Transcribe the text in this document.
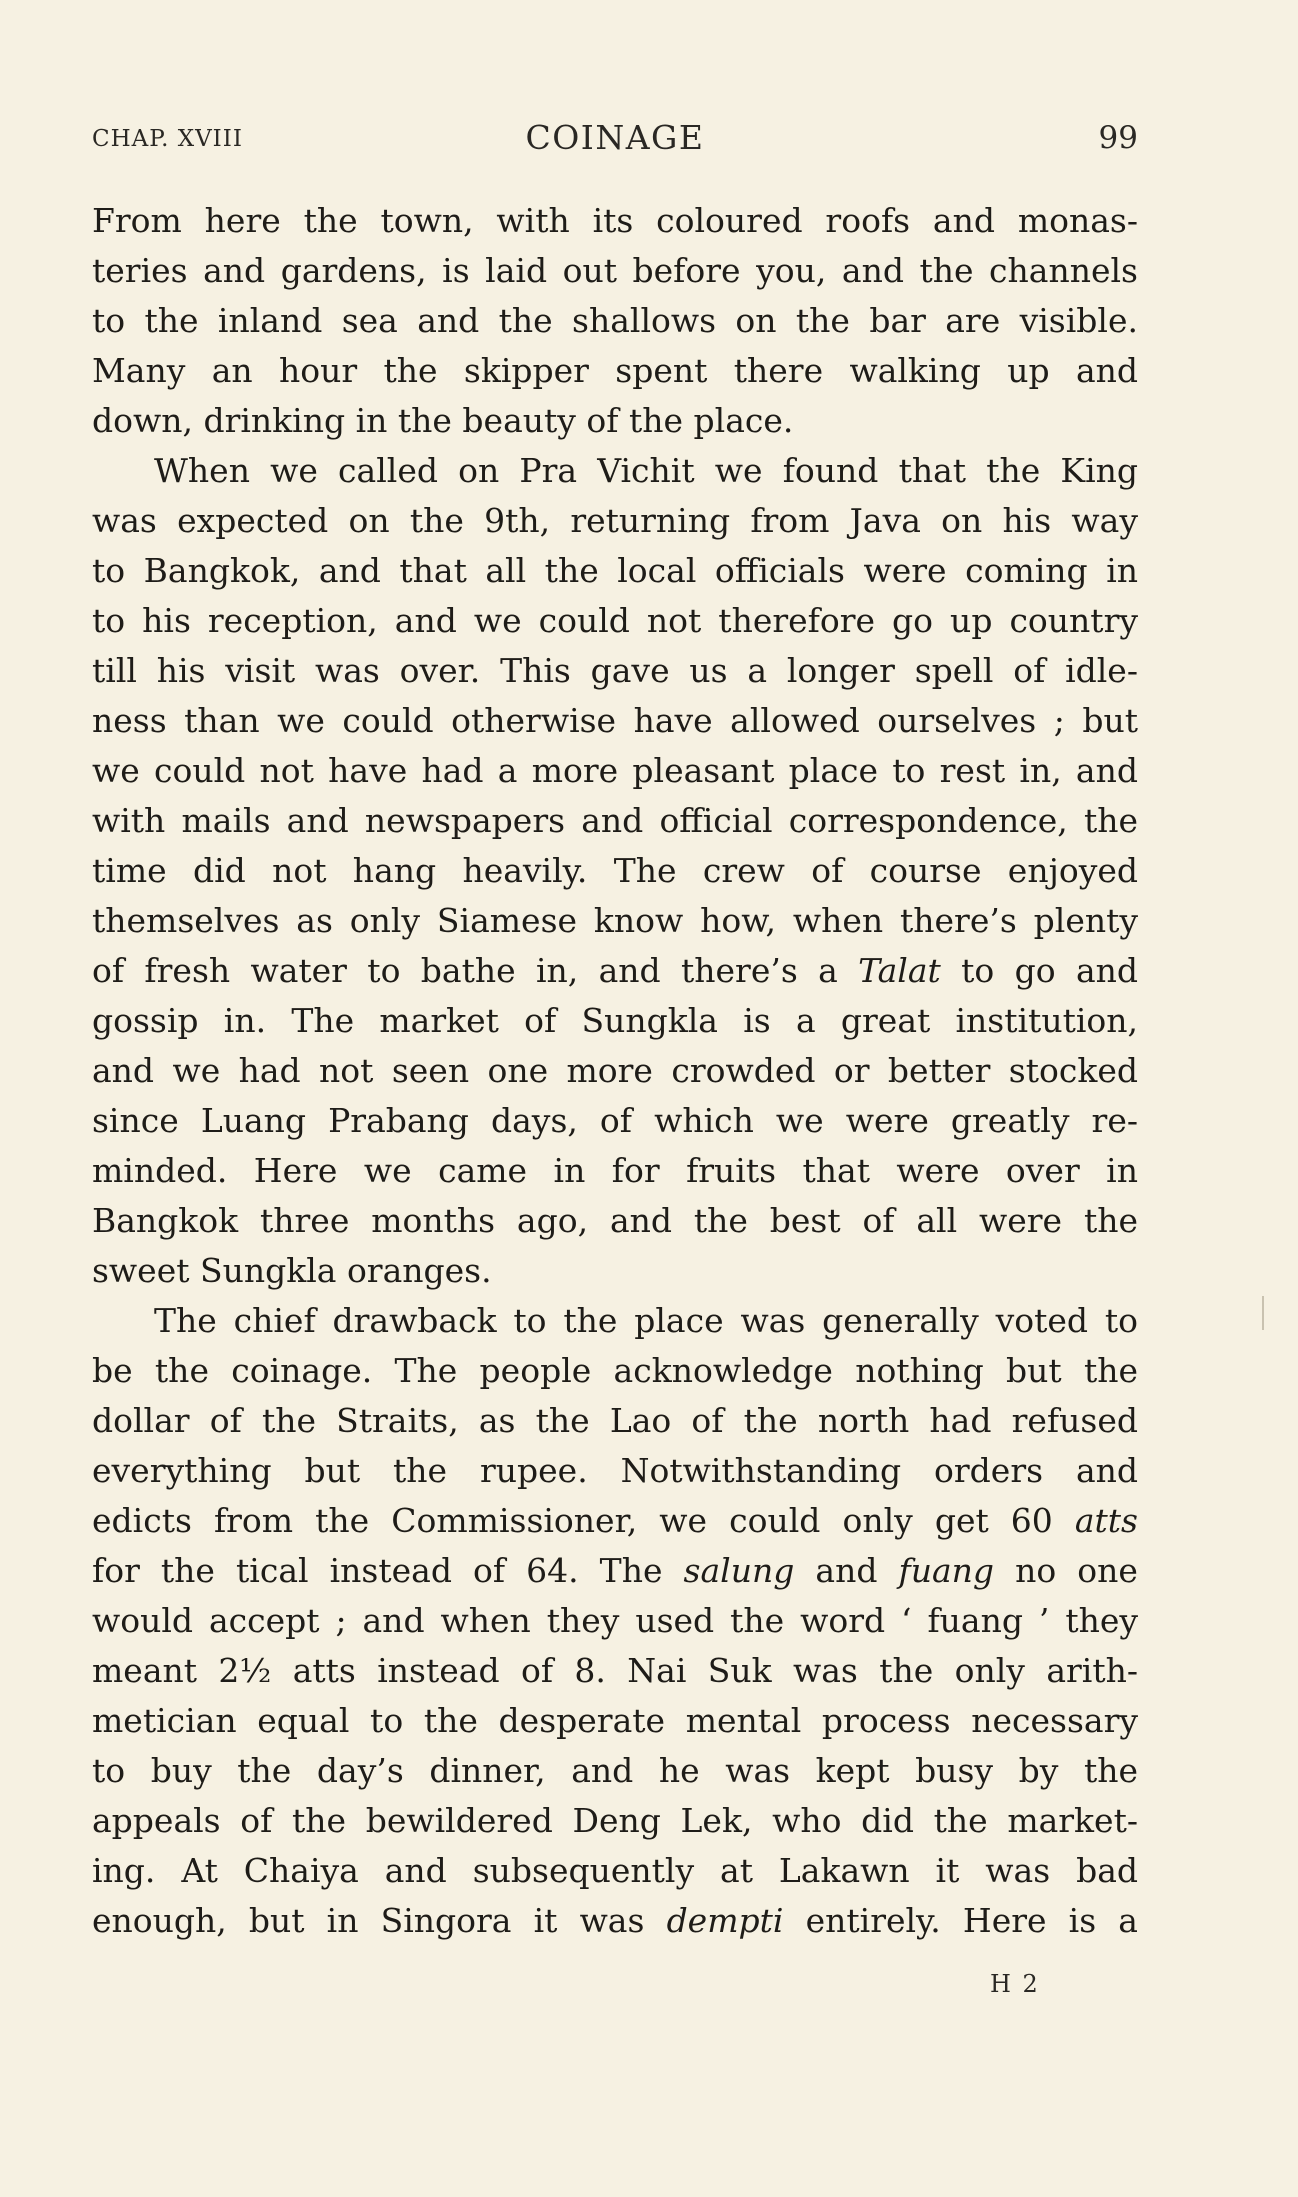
CHAP. XVIII	COINAGE	99
From here the town, with its coloured roofs and monas-
teries and gardens, is laid out before you, and the channels
to the inland sea and the shallows on the bar are visible.
Many an hour the skipper spent there walking up and
down, drinking in the beauty of the place.
When we called on Pra Vichit we found that the King
was expected on the 9th, returning from Java on his way
to Bangkok, and that all the local officials were coming in
to his reception, and we could not therefore go up country
till his visit was over. This gave us a longer spell of idle-
ness than we could otherwise have allowed ourselves ; but
we could not have had a more pleasant place to rest in, and
with mails and newspapers and official correspondence, the
time did not hang heavily. The crew of course enjoyed
themselves as only Siamese know how, when there’s plenty
of fresh water to bathe in, and there’s a Talat to go and
gossip in. The market of Sungkla is a great institution,
and we had not seen one more crowded or better stocked
since Luang Prabang days, of which we were greatly re-
minded. Here we came in for fruits that were over in
Bangkok three months ago, and the best of all were the
sweet Sungkla oranges.
The chief drawback to the place was generally voted to
be the coinage. The people acknowledge nothing but the
dollar of the Straits, as the Lao of the north had refused
everything but the rupee. Notwithstanding orders and
edicts from the Commissioner, we could only get 60 atts
for the tical instead of 64. The salung and fuang no one
would accept ; and when they used the word ‘ fuang ’ they
meant 2½ atts instead of 8. Nai Suk was the only arith-
metician equal to the desperate mental process necessary
to buy the day’s dinner, and he was kept busy by the
appeals of the bewildered Deng Lek, who did the market-
ing. At Chaiya and subsequently at Lakawn it was bad
enough, but in Singora it was dempti entirely. Here is a
H 2
